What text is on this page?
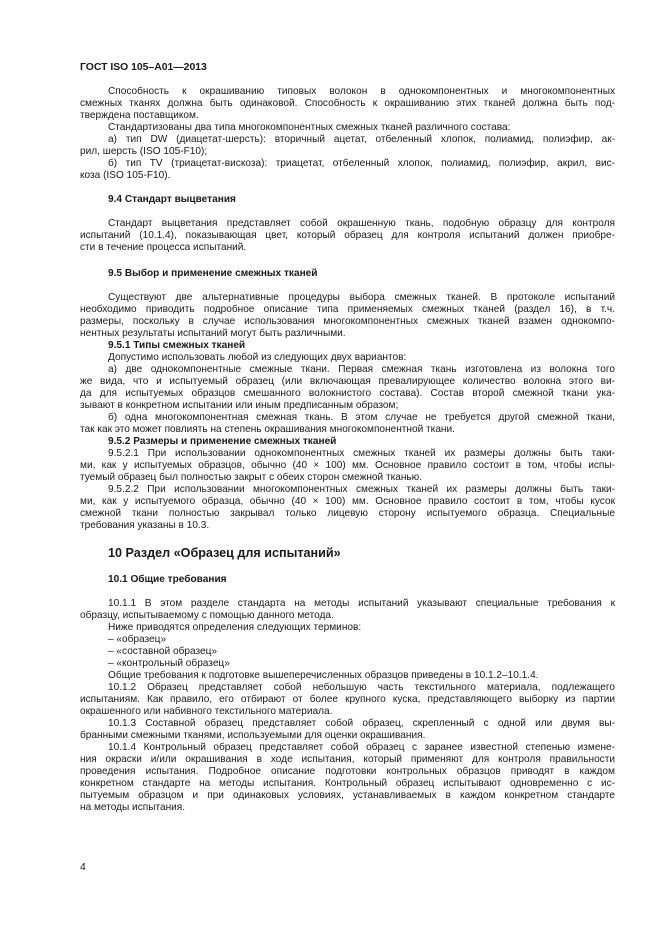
ГОСТ ISO 105–A01—2013
Способность к окрашиванию типовых волокон в однокомпонентных и многокомпонентных
смежных тканях должна быть одинаковой. Способность к окрашиванию этих тканей должна быть под-
тверждена поставщиком.
Стандартизованы два типа многокомпонентных смежных тканей различного состава:
а) тип DW (диацетат-шерсть): вторичный ацетат, отбеленный хлопок, полиамид, полиэфир, ак-
рил, шерсть (ISO 105-F10);
б) тип TV (триацетат-вискоза): триацетат, отбеленный хлопок, полиамид, полиэфир, акрил, вис-
коза (ISO 105-F10).
9.4 Стандарт выцветания
Стандарт выцветания представляет собой окрашенную ткань, подобную образцу для контроля
испытаний (10.1.4), показывающая цвет, который образец для контроля испытаний должен приобре-
сти в течение процесса испытаний.
9.5 Выбор и применение смежных тканей
Существуют две альтернативные процедуры выбора смежных тканей. В протоколе испытаний
необходимо приводить подробное описание типа применяемых смежных тканей (раздел 16), в т.ч.
размеры, поскольку в случае использования многокомпонентных смежных тканей взамен однокомпо-
нентных результаты испытаний могут быть различными.
9.5.1 Типы смежных тканей
Допустимо использовать любой из следующих двух вариантов:
а) две однокомпонентные смежные ткани. Первая смежная ткань изготовлена из волокна того
же вида, что и испытуемый образец (или включающая превалирующее количество волокна этого ви-
да для испытуемых образцов смешанного волокнистого состава). Состав второй смежной ткани ука-
зывают в конкретном испытании или иным предписанным образом;
б) одна многокомпонентная смежная ткань. В этом случае не требуется другой смежной ткани,
так как это может повлиять на степень окрашивания многокомпонентной ткани.
9.5.2 Размеры и применение смежных тканей
9.5.2.1 При использовании однокомпонентных смежных тканей их размеры должны быть таки-
ми, как у испытуемых образцов, обычно (40 × 100) мм. Основное правило состоит в том, чтобы испы-
туемый образец был полностью закрыт с обеих сторон смежной тканью.
9.5.2.2 При использовании многокомпонентных смежных тканей их размеры должны быть таки-
ми, как у испытуемого образца, обычно (40 × 100) мм. Основное правило состоит в том, чтобы кусок
смежной ткани полностью закрывал только лицевую сторону испытуемого образца. Специальные
требования указаны в 10.3.
10 Раздел «Образец для испытаний»
10.1 Общие требования
10.1.1 В этом разделе стандарта на методы испытаний указывают специальные требования к
образцу, испытываемому с помощью данного метода.
Ниже приводятся определения следующих терминов:
– «образец»
– «составной образец»
– «контрольный образец»
Общие требования к подготовке вышеперечисленных образцов приведены в 10.1.2–10.1.4.
10.1.2 Образец представляет собой небольшую часть текстильного материала, подлежащего
испытаниям. Как правило, его отбирают от более крупного куска, представляющего выборку из партии
окрашенного или набивного текстильного материала.
10.1.3 Составной образец представляет собой образец, скрепленный с одной или двумя вы-
бранными смежными тканями, используемыми для оценки окрашивания.
10.1.4 Контрольный образец представляет собой образец с заранее известной степенью измене-
ния окраски и/или окрашивания в ходе испытания, который применяют для контроля правильности
проведения испытания. Подробное описание подготовки контрольных образцов приводят в каждом
конкретном стандарте на методы испытания. Контрольный образец испытывают одновременно с ис-
пытуемым образцом и при одинаковых условиях, устанавливаемых в каждом конкретном стандарте
на методы испытания.
4
